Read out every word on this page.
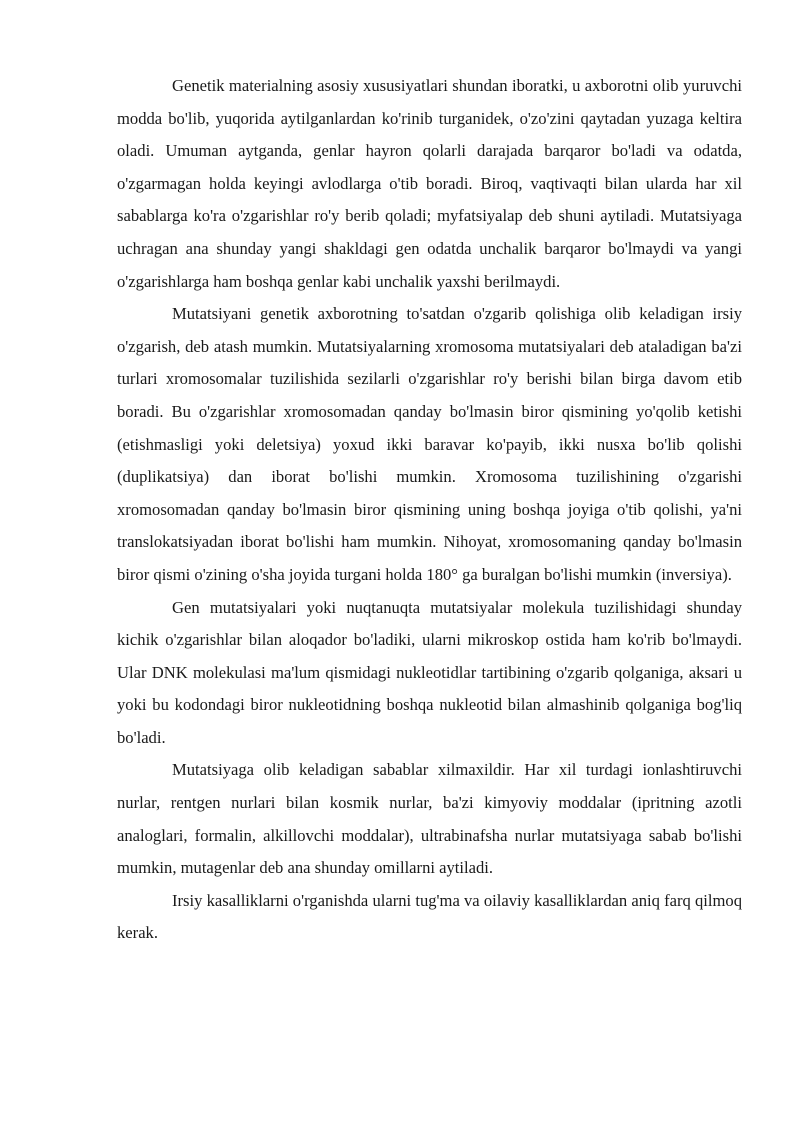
Genetik materialning asosiy xususiyatlari shundan iboratki, u axborotni olib yuruvchi modda bo'lib, yuqorida aytilganlardan ko'rinib turganidek, o'zo'zini qaytadan yuzaga keltira oladi. Umuman aytganda, genlar hayron qolarli darajada barqaror bo'ladi va odatda, o'zgarmagan holda keyingi avlodlarga o'tib boradi. Biroq, vaqtivaqti bilan ularda har xil sabablarga ko'ra o'zgarishlar ro'y berib qoladi; myfatsiyalap deb shuni aytiladi. Mutatsiyaga uchragan ana shunday yangi shakldagi gen odatda unchalik barqaror bo'lmaydi va yangi o'zgarishlarga ham boshqa genlar kabi unchalik yaxshi berilmaydi.

Mutatsiyani genetik axborotning to'satdan o'zgarib qolishiga olib keladigan irsiy o'zgarish, deb atash mumkin. Mutatsiyalarning xromosoma mutatsiyalari deb ataladigan ba'zi turlari xromosomalar tuzilishida sezilarli o'zgarishlar ro'y berishi bilan birga davom etib boradi. Bu o'zgarishlar xromosomadan qanday bo'lmasin biror qismining yo'qolib ketishi (etishmasligi yoki deletsiya) yoxud ikki baravar ko'payib, ikki nusxa bo'lib qolishi (duplikatsiya) dan iborat bo'lishi mumkin. Xromosoma tuzilishining o'zgarishi xromosomadan qanday bo'lmasin biror qismining uning boshqa joyiga o'tib qolishi, ya'ni translokatsiyadan iborat bo'lishi ham mumkin. Nihoyat, xromosomaning qanday bo'lmasin biror qismi o'zining o'sha joyida turgani holda 180° ga buralgan bo'lishi mumkin (inversiya).

Gen mutatsiyalari yoki nuqtanuqta mutatsiyalar molekula tuzilishidagi shunday kichik o'zgarishlar bilan aloqador bo'ladiki, ularni mikroskop ostida ham ko'rib bo'lmaydi. Ular DNK molekulasi ma'lum qismidagi nukleotidlar tartibining o'zgarib qolganiga, aksari u yoki bu kodondagi biror nukleotidning boshqa nukleotid bilan almashinib qolganiga bog'liq bo'ladi.

Mutatsiyaga olib keladigan sabablar xilmaxildir. Har xil turdagi ionlashtiruvchi nurlar, rentgen nurlari bilan kosmik nurlar, ba'zi kimyoviy moddalar (ipritning azotli analoglari, formalin, alkillovchi moddalar), ultrabinafsha nurlar mutatsiyaga sabab bo'lishi mumkin, mutagenlar deb ana shunday omillarni aytiladi.

Irsiy kasalliklarni o'rganishda ularni tug'ma va oilaviy kasalliklardan aniq farq qilmoq kerak.
